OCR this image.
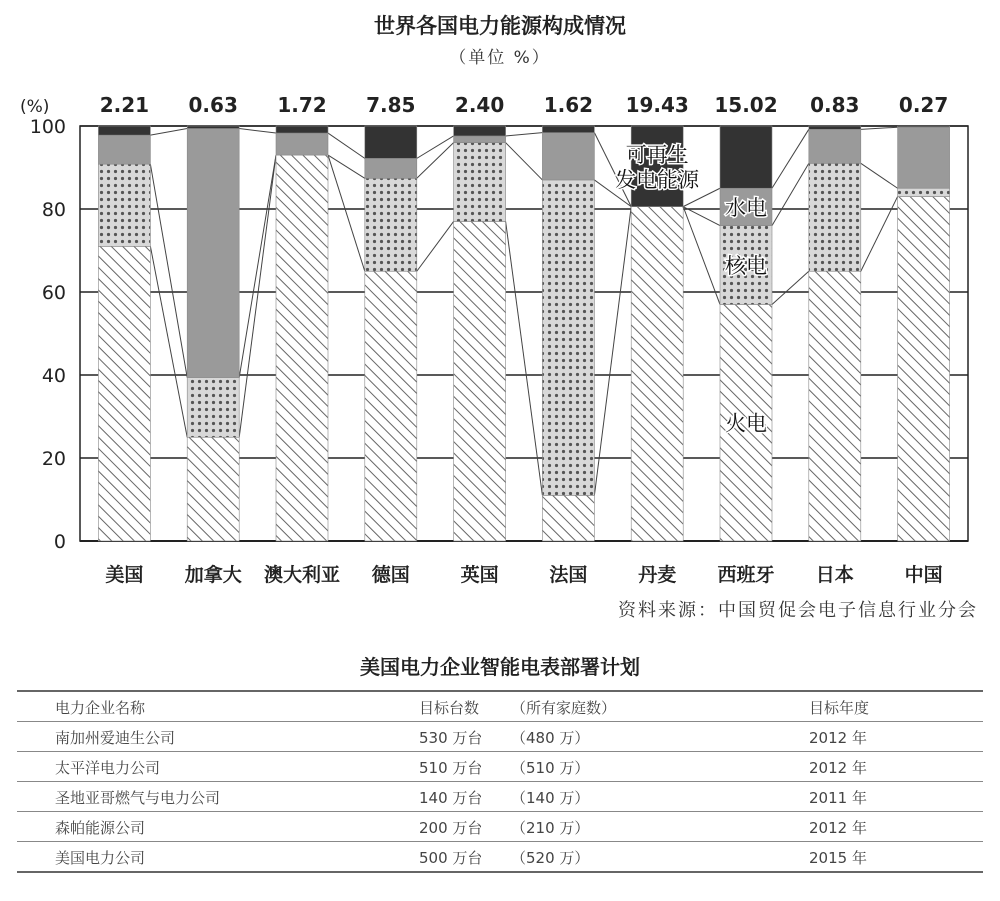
世界各国电力能源构成情况
（单位 %）
0
20
40
60
80
100
(%)
美国
2.21
加拿大
0.63
澳大利亚
1.72
德国
7.85
英国
2.40
法国
1.62
丹麦
19.43
西班牙
15.02
日本
0.83
中国
0.27
可再生
发电能源
水电
核电
火电
资料来源：中国贸促会电子信息行业分会
美国电力企业智能电表部署计划
电力企业名称	目标台数 （所有家庭数）	目标年度
南加州爱迪生公司	530 万台 （480 万）	2012 年
太平洋电力公司	510 万台 （510 万）	2012 年
圣地亚哥燃气与电力公司	140 万台 （140 万）	2011 年
森帕能源公司	200 万台 （210 万）	2012 年
美国电力公司	500 万台 （520 万）	2015 年
